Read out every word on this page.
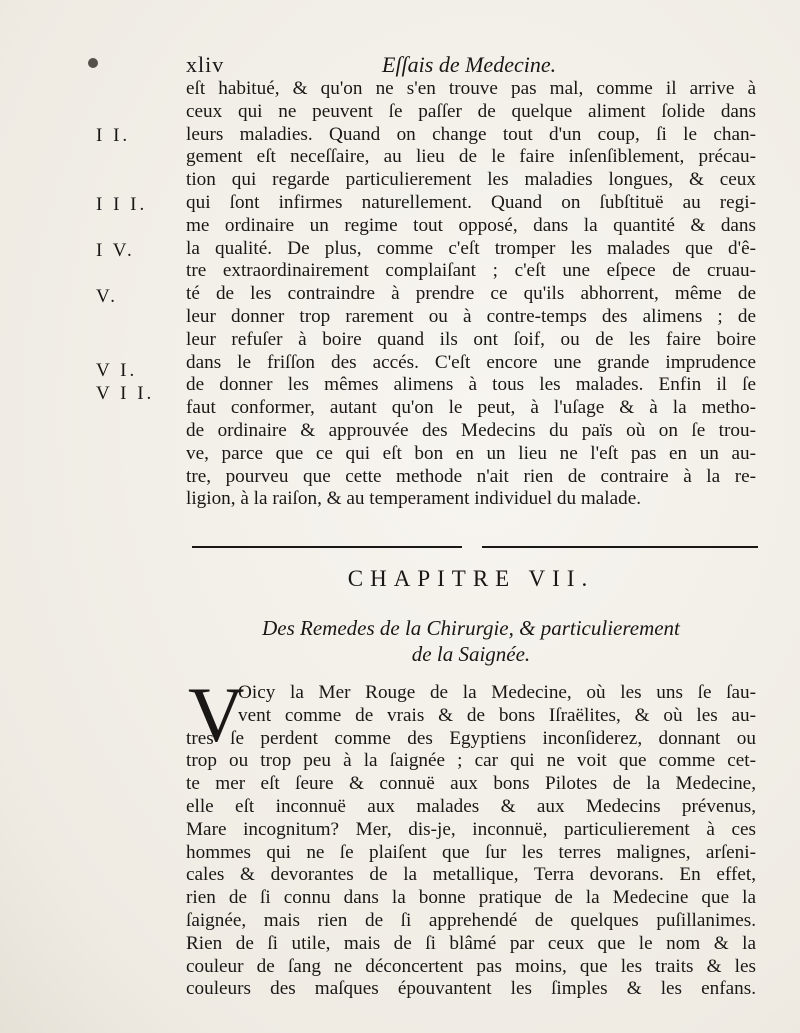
xliv	Eſſais de Medecine.
I I.
I I I.
I V.
V.
V I.
V I I.
eſt habitué, & qu'on ne s'en trouve pas mal, comme il arrive à
ceux qui ne peuvent ſe paſſer de quelque aliment ſolide dans
leurs maladies. Quand on change tout d'un coup, ſi le chan-
gement eſt neceſſaire, au lieu de le faire inſenſiblement, précau-
tion qui regarde particulierement les maladies longues, & ceux
qui ſont infirmes naturellement. Quand on ſubſtituë au regi-
me ordinaire un regime tout opposé, dans la quantité & dans
la qualité. De plus, comme c'eſt tromper les malades que d'ê-
tre extraordinairement complaiſant ; c'eſt une eſpece de cruau-
té de les contraindre à prendre ce qu'ils abhorrent, même de
leur donner trop rarement ou à contre-temps des alimens ; de
leur refuſer à boire quand ils ont ſoif, ou de les faire boire
dans le friſſon des accés. C'eſt encore une grande imprudence
de donner les mêmes alimens à tous les malades. Enfin il ſe
faut conformer, autant qu'on le peut, à l'uſage & à la metho-
de ordinaire & approuvée des Medecins du païs où on ſe trou-
ve, parce que ce qui eſt bon en un lieu ne l'eſt pas en un au-
tre, pourveu que cette methode n'ait rien de contraire à la re-
ligion, à la raiſon, & au temperament individuel du malade.
CHAPITRE VII.
Des Remedes de la Chirurgie, & particulierement
de la Saignée.
V
Oicy la Mer Rouge de la Medecine, où les uns ſe ſau-
vent comme de vrais & de bons Iſraëlites, & où les au-
tres ſe perdent comme des Egyptiens inconſiderez, donnant ou
trop ou trop peu à la ſaignée ; car qui ne voit que comme cet-
te mer eſt ſeure & connuë aux bons Pilotes de la Medecine,
elle eſt inconnuë aux malades & aux Medecins prévenus,
Mare incognitum? Mer, dis-je, inconnuë, particulierement à ces
hommes qui ne ſe plaiſent que ſur les terres malignes, arſeni-
cales & devorantes de la metallique, Terra devorans. En effet,
rien de ſi connu dans la bonne pratique de la Medecine que la
ſaignée, mais rien de ſi apprehendé de quelques puſillanimes.
Rien de ſi utile, mais de ſi blâmé par ceux que le nom & la
couleur de ſang ne déconcertent pas moins, que les traits & les
couleurs des maſques épouvantent les ſimples & les enfans.
